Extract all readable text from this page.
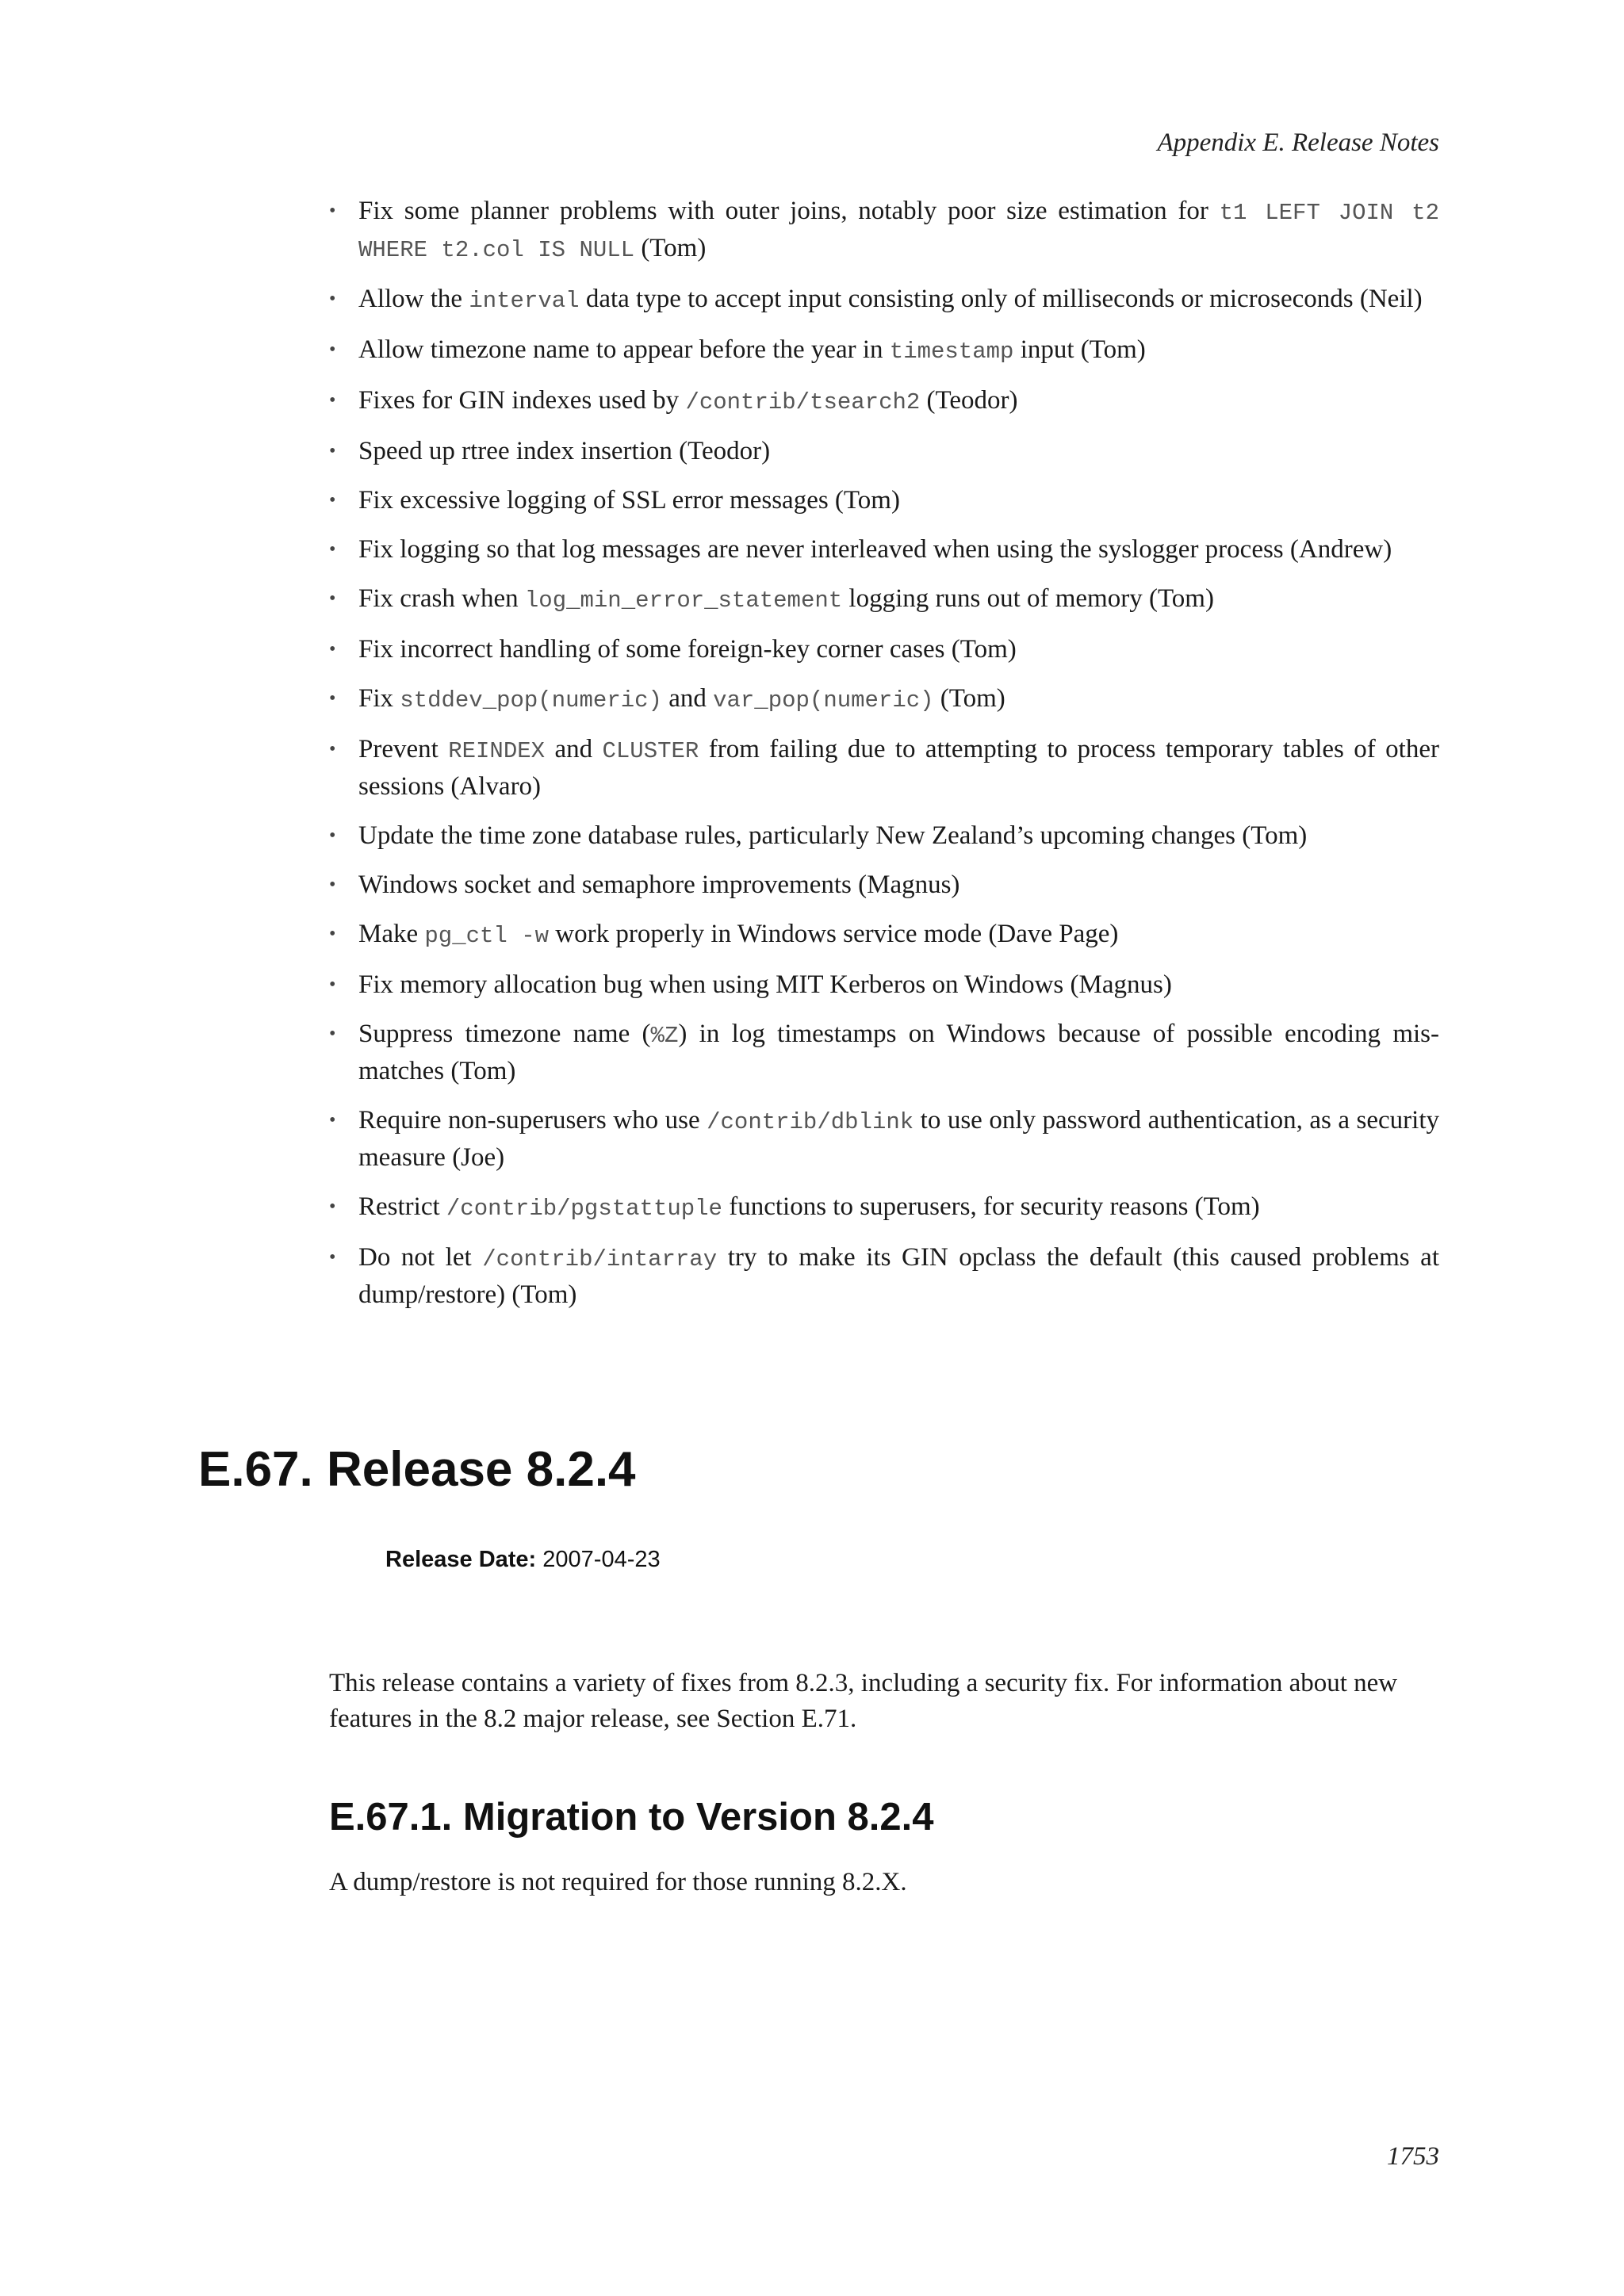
Appendix E. Release Notes
• Fix some planner problems with outer joins, notably poor size estimation for t1 LEFT JOIN t2 WHERE t2.col IS NULL (Tom)
• Allow the interval data type to accept input consisting only of milliseconds or microseconds (Neil)
• Allow timezone name to appear before the year in timestamp input (Tom)
• Fixes for GIN indexes used by /contrib/tsearch2 (Teodor)
• Speed up rtree index insertion (Teodor)
• Fix excessive logging of SSL error messages (Tom)
• Fix logging so that log messages are never interleaved when using the syslogger process (Andrew)
• Fix crash when log_min_error_statement logging runs out of memory (Tom)
• Fix incorrect handling of some foreign-key corner cases (Tom)
• Fix stddev_pop(numeric) and var_pop(numeric) (Tom)
• Prevent REINDEX and CLUSTER from failing due to attempting to process temporary tables of other sessions (Alvaro)
• Update the time zone database rules, particularly New Zealand’s upcoming changes (Tom)
• Windows socket and semaphore improvements (Magnus)
• Make pg_ctl -w work properly in Windows service mode (Dave Page)
• Fix memory allocation bug when using MIT Kerberos on Windows (Magnus)
• Suppress timezone name (%Z) in log timestamps on Windows because of possible encoding mis-matches (Tom)
• Require non-superusers who use /contrib/dblink to use only password authentication, as a security measure (Joe)
• Restrict /contrib/pgstattuple functions to superusers, for security reasons (Tom)
• Do not let /contrib/intarray try to make its GIN opclass the default (this caused problems at dump/restore) (Tom)
E.67. Release 8.2.4
Release Date: 2007-04-23

This release contains a variety of fixes from 8.2.3, including a security fix. For information about new features in the 8.2 major release, see Section E.71.

E.67.1. Migration to Version 8.2.4

A dump/restore is not required for those running 8.2.X.

1753
